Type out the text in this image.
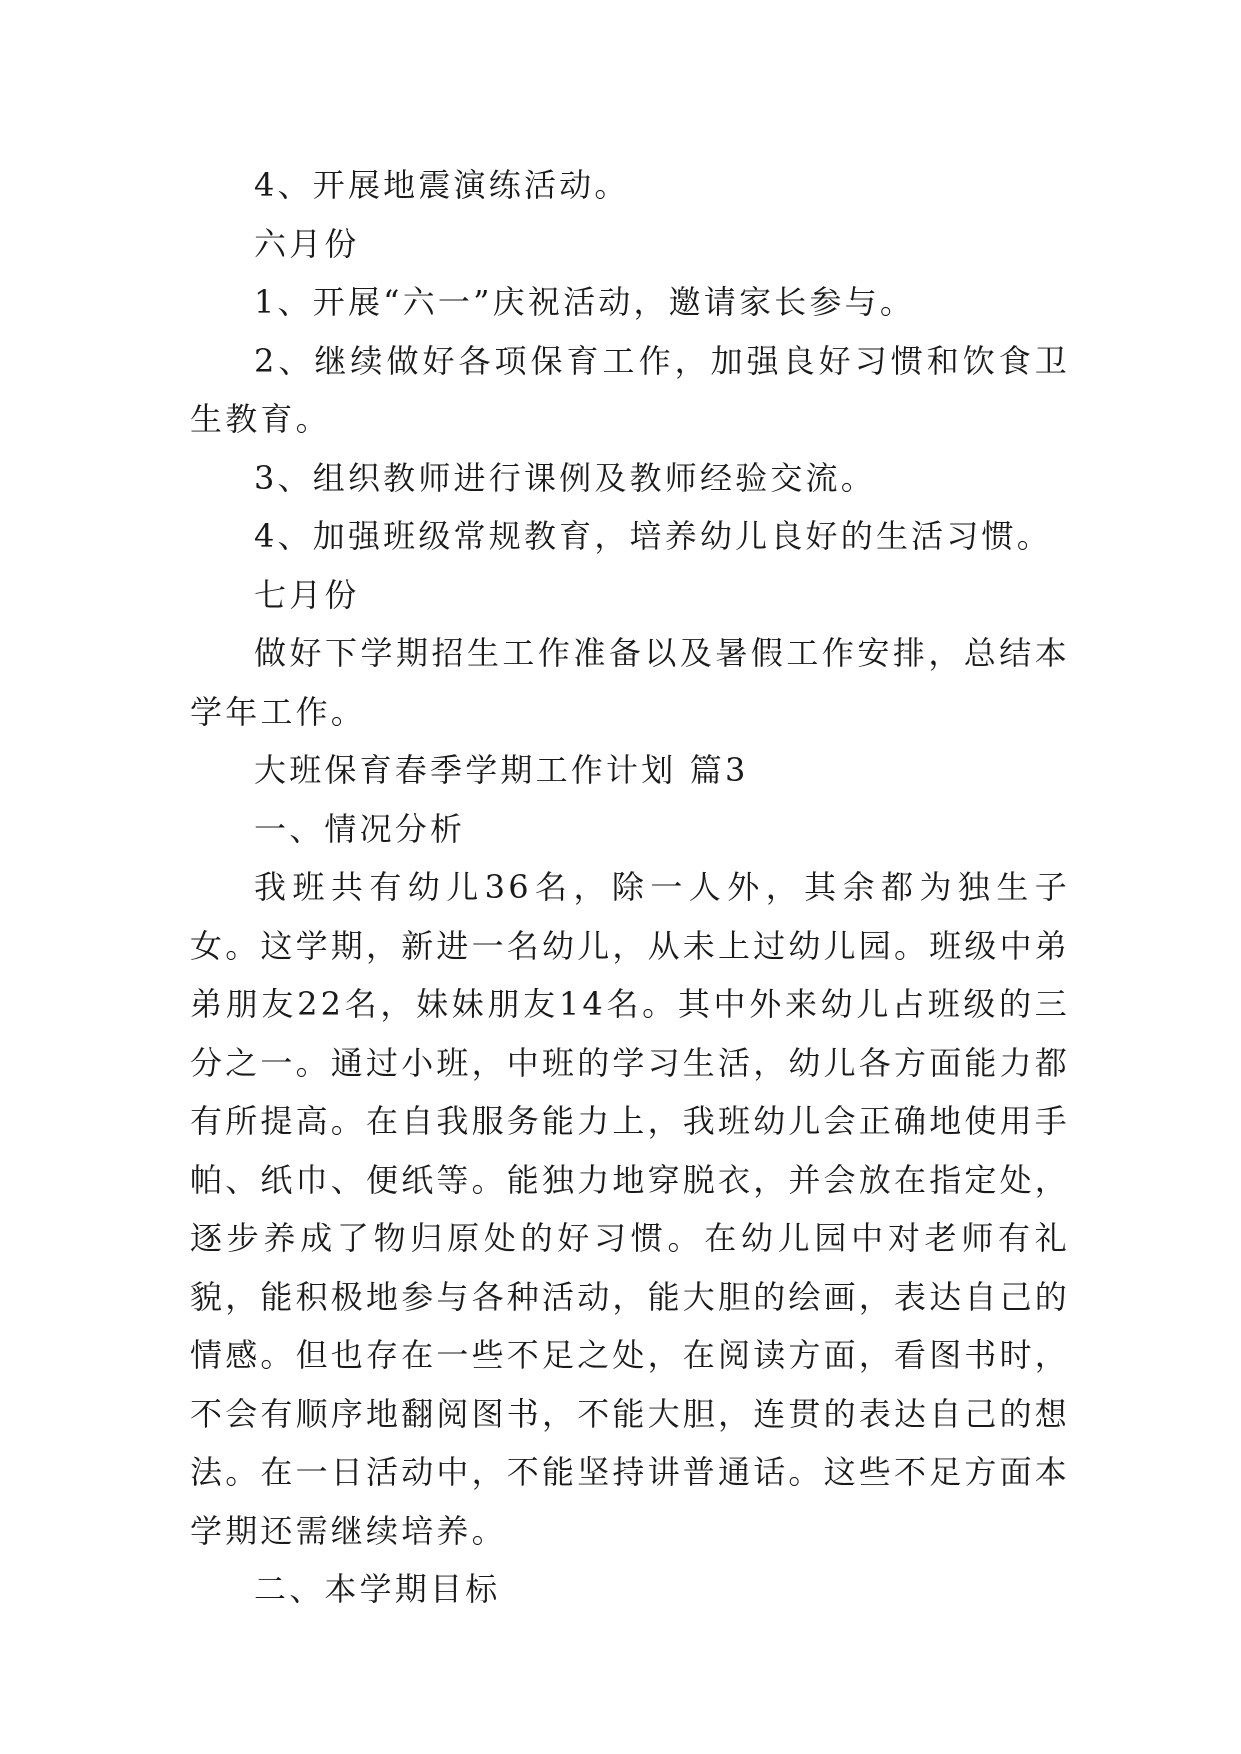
4、开展地震演练活动。

六月份

1、开展“六一”庆祝活动，邀请家长参与。

2、继续做好各项保育工作，加强良好习惯和饮食卫生教育。

3、组织教师进行课例及教师经验交流。

4、加强班级常规教育，培养幼儿良好的生活习惯。

七月份

做好下学期招生工作准备以及暑假工作安排，总结本学年工作。

大班保育春季学期工作计划 篇3

一、情况分析

我班共有幼儿36名，除一人外，其余都为独生子女。这学期，新进一名幼儿，从未上过幼儿园。班级中弟弟朋友22名，妹妹朋友14名。其中外来幼儿占班级的三分之一。通过小班，中班的学习生活，幼儿各方面能力都有所提高。在自我服务能力上，我班幼儿会正确地使用手帕、纸巾、便纸等。能独力地穿脱衣，并会放在指定处，逐步养成了物归原处的好习惯。在幼儿园中对老师有礼貌，能积极地参与各种活动，能大胆的绘画，表达自己的情感。但也存在一些不足之处，在阅读方面，看图书时，不会有顺序地翻阅图书，不能大胆，连贯的表达自己的想法。在一日活动中，不能坚持讲普通话。这些不足方面本学期还需继续培养。

二、本学期目标
